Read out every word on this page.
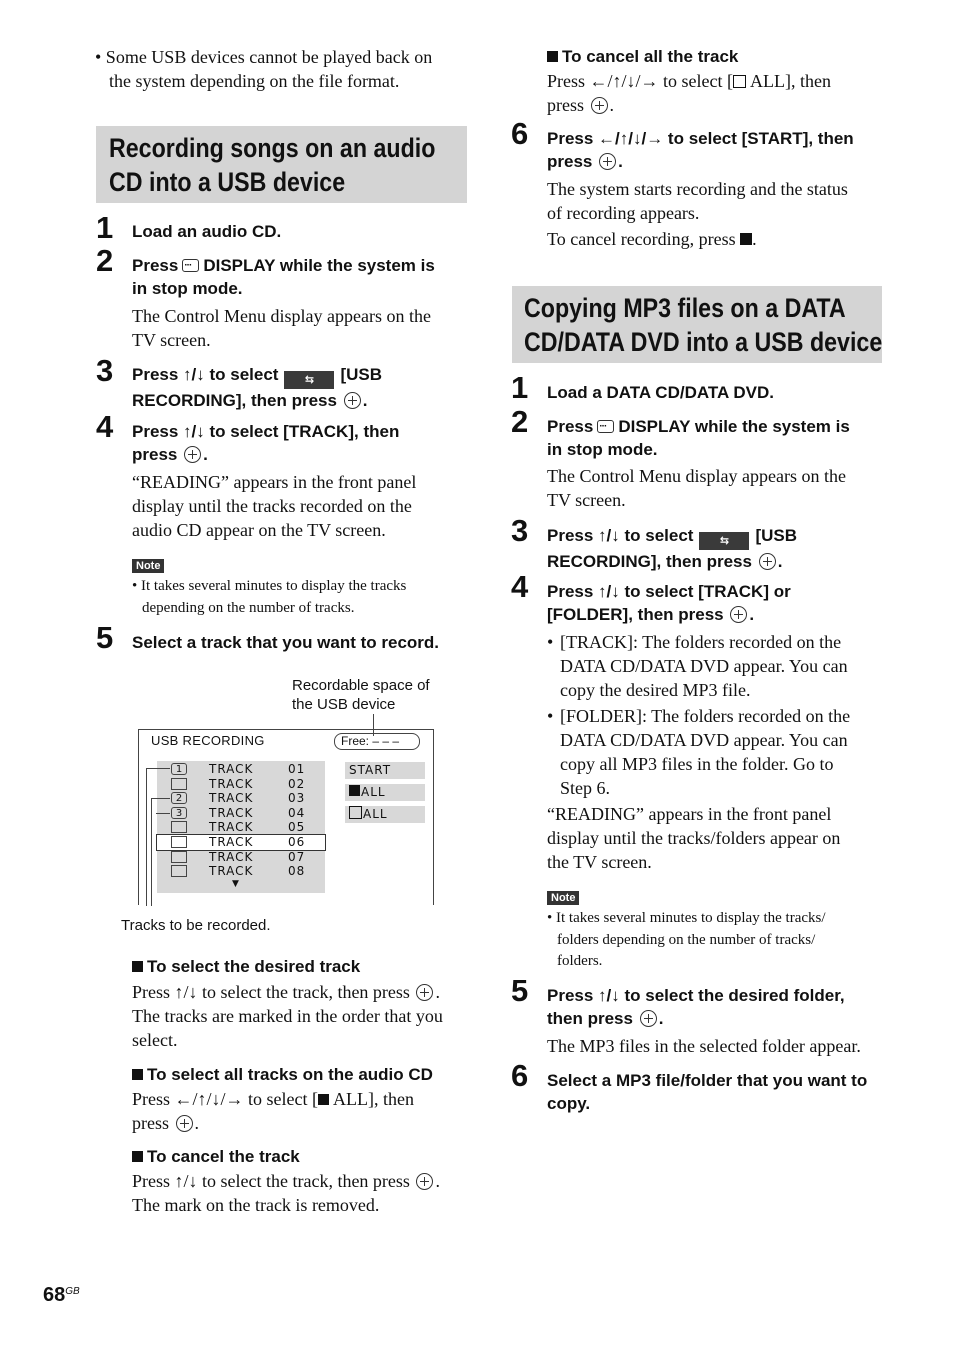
• Some USB devices cannot be played back on
the system depending on the file format.
Recording songs on an audio
CD into a USB device
1 Load an audio CD.
2 Press ··· DISPLAY while the system is
in stop mode.
The Control Menu display appears on the
TV screen.
3 Press ↑/↓ to select ⇆ [USB
RECORDING], then press .
4 Press ↑/↓ to select [TRACK], then
press .
“READING” appears in the front panel
display until the tracks recorded on the
audio CD appear on the TV screen.
Note
• It takes several minutes to display the tracks
depending on the number of tracks.
5 Select a track that you want to record.
Recordable space of
the USB device
USB RECORDING	Free: – – –
1	TRACK	01
TRACK	02
2	TRACK	03
3	TRACK	04
TRACK	05
TRACK	06
TRACK	07
TRACK	08
▼
START
ALL
ALL
Tracks to be recorded.
To select the desired track
Press ↑/↓ to select the track, then press .
The tracks are marked in the order that you
select.
To select all tracks on the audio CD
Press ←/↑/↓/→ to select [ ALL], then
press .
To cancel the track
Press ↑/↓ to select the track, then press .
The mark on the track is removed.
$68^{GB}$
To cancel all the track
Press ←/↑/↓/→ to select [ ALL], then
press .
6 Press ←/↑/↓/→ to select [START], then
press .
The system starts recording and the status
of recording appears.
To cancel recording, press .
Copying MP3 files on a DATA
CD/DATA DVD into a USB device
1 Load a DATA CD/DATA DVD.
2 Press ··· DISPLAY while the system is
in stop mode.
The Control Menu display appears on the
TV screen.
3 Press ↑/↓ to select ⇆ [USB
RECORDING], then press .
4 Press ↑/↓ to select [TRACK] or
[FOLDER], then press .
• [TRACK]: The folders recorded on the
DATA CD/DATA DVD appear. You can
copy the desired MP3 file.
• [FOLDER]: The folders recorded on the
DATA CD/DATA DVD appear. You can
copy all MP3 files in the folder. Go to
Step 6.
“READING” appears in the front panel
display until the tracks/folders appear on
the TV screen.
Note
• It takes several minutes to display the tracks/
folders depending on the number of tracks/
folders.
5 Press ↑/↓ to select the desired folder,
then press .
The MP3 files in the selected folder appear.
6 Select a MP3 file/folder that you want to
copy.
